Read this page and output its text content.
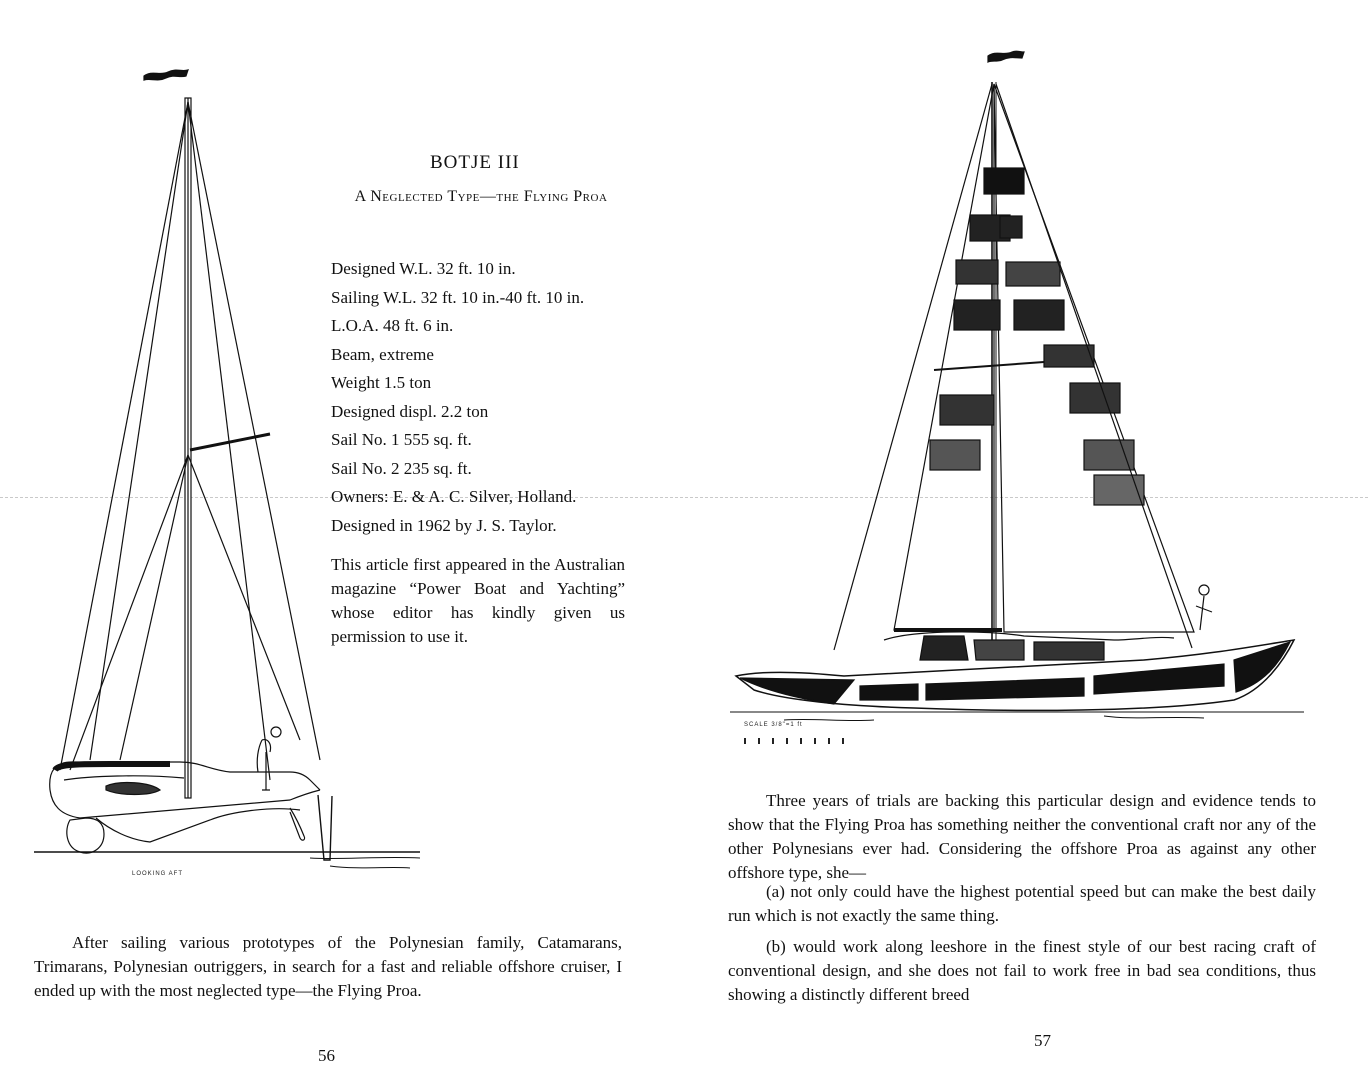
LOOKING AFT
BOTJE III
A Neglected Type—the Flying Proa
Designed W.L. 32 ft. 10 in.
Sailing W.L. 32 ft. 10 in.-40 ft. 10 in.
L.O.A. 48 ft. 6 in.
Beam, extreme
Weight 1.5 ton
Designed displ. 2.2 ton
Sail No. 1 555 sq. ft.
Sail No. 2 235 sq. ft.
Owners: E. & A. C. Silver, Holland.
Designed in 1962 by J. S. Taylor.
This article first appeared in the Australian magazine “Power Boat and Yachting” whose editor has kindly given us permission to use it.

After sailing various prototypes of the Polynesian family, Catamarans, Trimarans, Polynesian outriggers, in search for a fast and reliable offshore cruiser, I ended up with the most neglected type—the Flying Proa.

56
SCALE 3/8"=1 ft

Three years of trials are backing this particular design and evidence tends to show that the Flying Proa has something neither the conventional craft nor any of the other Polynesians ever had. Considering the offshore Proa as against any other offshore type, she—

(a) not only could have the highest potential speed but can make the best daily run which is not exactly the same thing.

(b) would work along leeshore in the finest style of our best racing craft of conventional design, and she does not fail to work free in bad sea conditions, thus showing a distinctly different breed

57
